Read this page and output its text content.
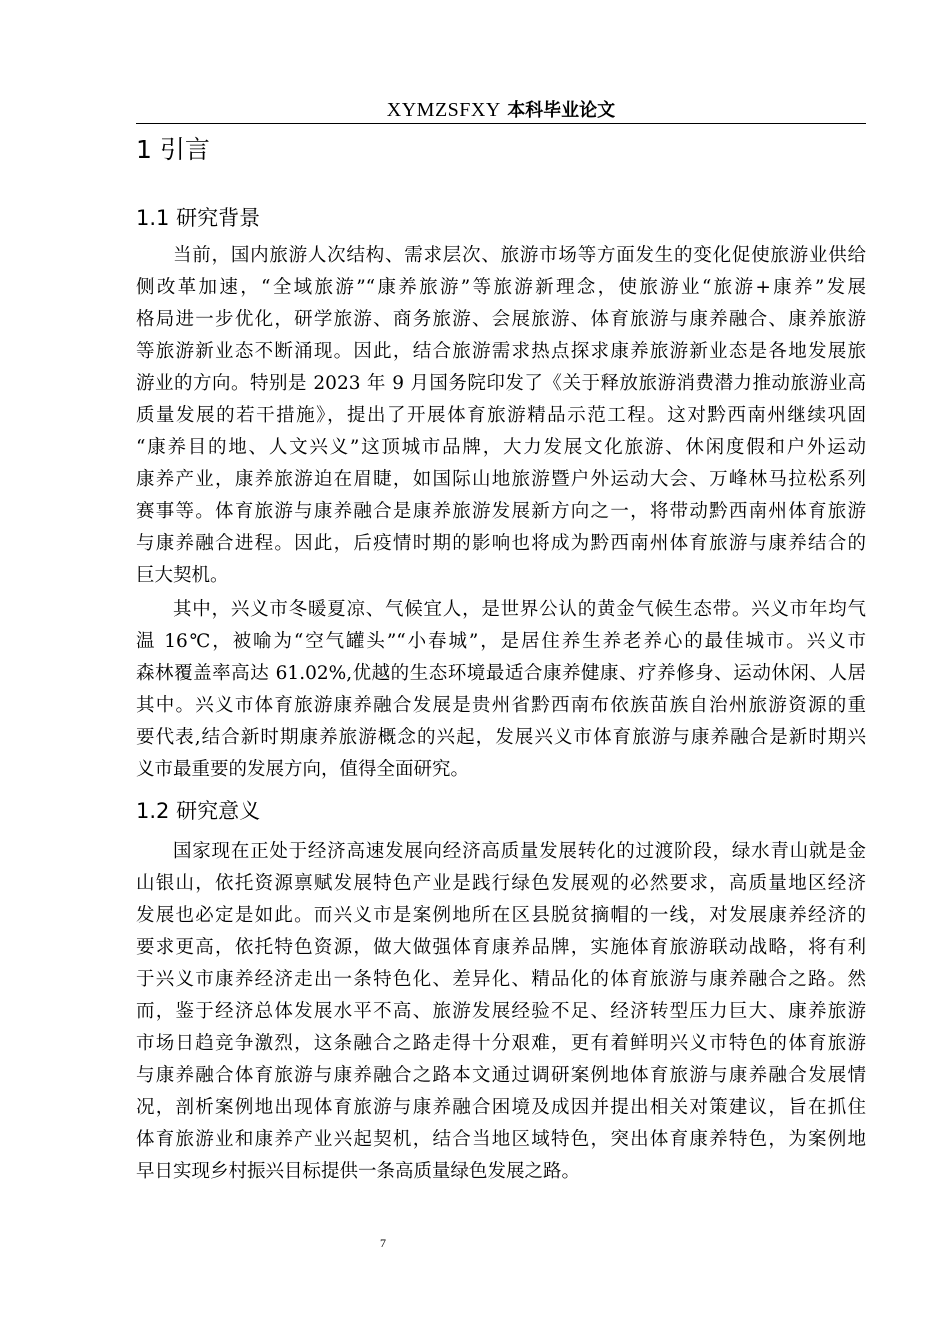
XYMZSFXY 本科毕业论文
1 引言
1.1 研究背景
当前，国内旅游人次结构、需求层次、旅游市场等方面发生的变化促使旅游业供给
侧改革加速，“全域旅游”“康养旅游”等旅游新理念，使旅游业“旅游+康养”发展
格局进一步优化，研学旅游、商务旅游、会展旅游、体育旅游与康养融合、康养旅游
等旅游新业态不断涌现。因此，结合旅游需求热点探求康养旅游新业态是各地发展旅
游业的方向。特别是 2023 年 9 月国务院印发了《关于释放旅游消费潜力推动旅游业高
质量发展的若干措施》，提出了开展体育旅游精品示范工程。这对黔西南州继续巩固
“康养目的地、人文兴义”这顶城市品牌，大力发展文化旅游、休闲度假和户外运动
康养产业，康养旅游迫在眉睫，如国际山地旅游暨户外运动大会、万峰林马拉松系列
赛事等。体育旅游与康养融合是康养旅游发展新方向之一，将带动黔西南州体育旅游
与康养融合进程。因此，后疫情时期的影响也将成为黔西南州体育旅游与康养结合的
巨大契机。
其中，兴义市冬暖夏凉、气候宜人，是世界公认的黄金气候生态带。兴义市年均气
温 16℃，被喻为“空气罐头”“小春城”，是居住养生养老养心的最佳城市。兴义市
森林覆盖率高达 61.02%,优越的生态环境最适合康养健康、疗养修身、运动休闲、人居
其中。兴义市体育旅游康养融合发展是贵州省黔西南布依族苗族自治州旅游资源的重
要代表,结合新时期康养旅游概念的兴起，发展兴义市体育旅游与康养融合是新时期兴
义市最重要的发展方向，值得全面研究。
1.2 研究意义
国家现在正处于经济高速发展向经济高质量发展转化的过渡阶段，绿水青山就是金
山银山，依托资源禀赋发展特色产业是践行绿色发展观的必然要求，高质量地区经济
发展也必定是如此。而兴义市是案例地所在区县脱贫摘帽的一线，对发展康养经济的
要求更高，依托特色资源，做大做强体育康养品牌，实施体育旅游联动战略，将有利
于兴义市康养经济走出一条特色化、差异化、精品化的体育旅游与康养融合之路。然
而，鉴于经济总体发展水平不高、旅游发展经验不足、经济转型压力巨大、康养旅游
市场日趋竞争激烈，这条融合之路走得十分艰难，更有着鲜明兴义市特色的体育旅游
与康养融合体育旅游与康养融合之路本文通过调研案例地体育旅游与康养融合发展情
况，剖析案例地出现体育旅游与康养融合困境及成因并提出相关对策建议，旨在抓住
体育旅游业和康养产业兴起契机，结合当地区域特色，突出体育康养特色，为案例地
早日实现乡村振兴目标提供一条高质量绿色发展之路。
7
